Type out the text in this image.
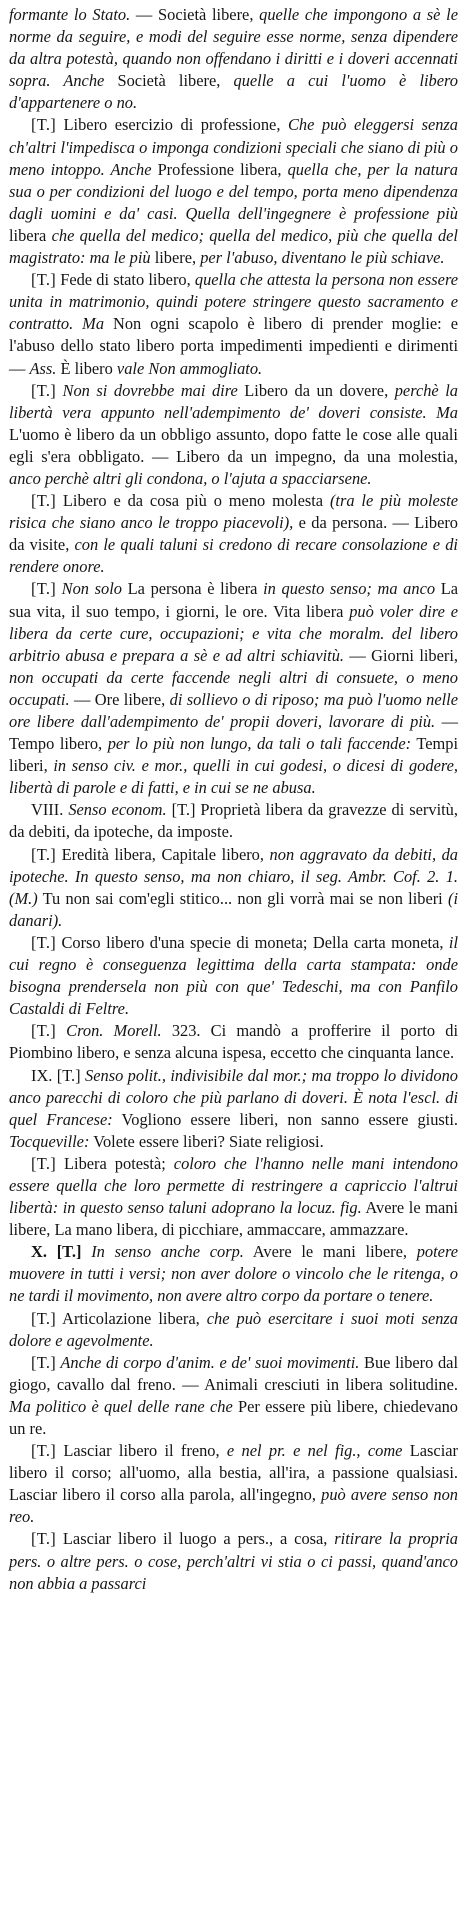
formante lo Stato. — Società libere, quelle che impongono a sè le norme da seguire, e modi del seguire esse norme, senza dipendere da altra potestà, quando non offendano i diritti e i doveri accennati sopra. Anche Società libere, quelle a cui l'uomo è libero d'appartenere o no.

[T.] Libero esercizio di professione, Che può eleggersi senza ch'altri l'impedisca o imponga condizioni speciali che siano di più o meno intoppo. Anche Professione libera, quella che, per la natura sua o per condizioni del luogo e del tempo, porta meno dipendenza dagli uomini e da' casi. Quella dell'ingegnere è professione più libera che quella del medico; quella del medico, più che quella del magistrato: ma le più libere, per l'abuso, diventano le più schiave.

[T.] Fede di stato libero, quella che attesta la persona non essere unita in matrimonio, quindi potere stringere questo sacramento e contratto. Ma Non ogni scapolo è libero di prender moglie: e l'abuso dello stato libero porta impedimenti impedienti e dirimenti — Ass. È libero vale Non ammogliato.

[T.] Non si dovrebbe mai dire Libero da un dovere, perchè la libertà vera appunto nell'adempimento de' doveri consiste. Ma L'uomo è libero da un obbligo assunto, dopo fatte le cose alle quali egli s'era obbligato. — Libero da un impegno, da una molestia, anco perchè altri gli condona, o l'ajuta a spacciarsene.

[T.] Libero e da cosa più o meno molesta (tra le più moleste risica che siano anco le troppo piacevoli), e da persona. — Libero da visite, con le quali taluni si credono di recare consolazione e di rendere onore.

[T.] Non solo La persona è libera in questo senso; ma anco La sua vita, il suo tempo, i giorni, le ore. Vita libera può voler dire e libera da certe cure, occupazioni; e vita che moralm. del libero arbitrio abusa e prepara a sè e ad altri schiavitù. — Giorni liberi, non occupati da certe faccende negli altri di consuete, o meno occupati. — Ore libere, di sollievo o di riposo; ma può l'uomo nelle ore libere dall'adempimento de' propii doveri, lavorare di più. — Tempo libero, per lo più non lungo, da tali o tali faccende: Tempi liberi, in senso civ. e mor., quelli in cui godesi, o dicesi di godere, libertà di parole e di fatti, e in cui se ne abusa.

VIII. Senso econom. [T.] Proprietà libera da gravezze di servitù, da debiti, da ipoteche, da imposte.

[T.] Eredità libera, Capitale libero, non aggravato da debiti, da ipoteche. In questo senso, ma non chiaro, il seg. Ambr. Cof. 2. 1. (M.) Tu non sai com'egli stitico... non gli vorrà mai se non liberi (i danari).

[T.] Corso libero d'una specie di moneta; Della carta moneta, il cui regno è conseguenza legittima della carta stampata: onde bisogna prendersela non più con que' Tedeschi, ma con Panfilo Castaldi di Feltre.

[T.] Cron. Morell. 323. Ci mandò a profferire il porto di Piombino libero, e senza alcuna ispesa, eccetto che cinquanta lance.

IX. [T.] Senso polit., indivisibile dal mor.; ma troppo lo dividono anco parecchi di coloro che più parlano di doveri. È nota l'escl. di quel Francese: Vogliono essere liberi, non sanno essere giusti. Tocqueville: Volete essere liberi? Siate religiosi.

[T.] Libera potestà; coloro che l'hanno nelle mani intendono essere quella che loro permette di restringere a capriccio l'altrui libertà: in questo senso taluni adoprano la locuz. fig. Avere le mani libere, La mano libera, di picchiare, ammaccare, ammazzare.

X. [T.] In senso anche corp. Avere le mani libere, potere muovere in tutti i versi; non aver dolore o vincolo che le ritenga, o ne tardi il movimento, non avere altro corpo da portare o tenere.

[T.] Articolazione libera, che può esercitare i suoi moti senza dolore e agevolmente.

[T.] Anche di corpo d'anim. e de' suoi movimenti. Bue libero dal giogo, cavallo dal freno. — Animali cresciuti in libera solitudine. Ma politico è quel delle rane che Per essere più libere, chiedevano un re.

[T.] Lasciar libero il freno, e nel pr. e nel fig., come Lasciar libero il corso; all'uomo, alla bestia, all'ira, a passione qualsiasi. Lasciar libero il corso alla parola, all'ingegno, può avere senso non reo.

[T.] Lasciar libero il luogo a pers., a cosa, ritirare la propria pers. o altre pers. o cose, perch'altri vi stia o ci passi, quand'anco non abbia a passarci
